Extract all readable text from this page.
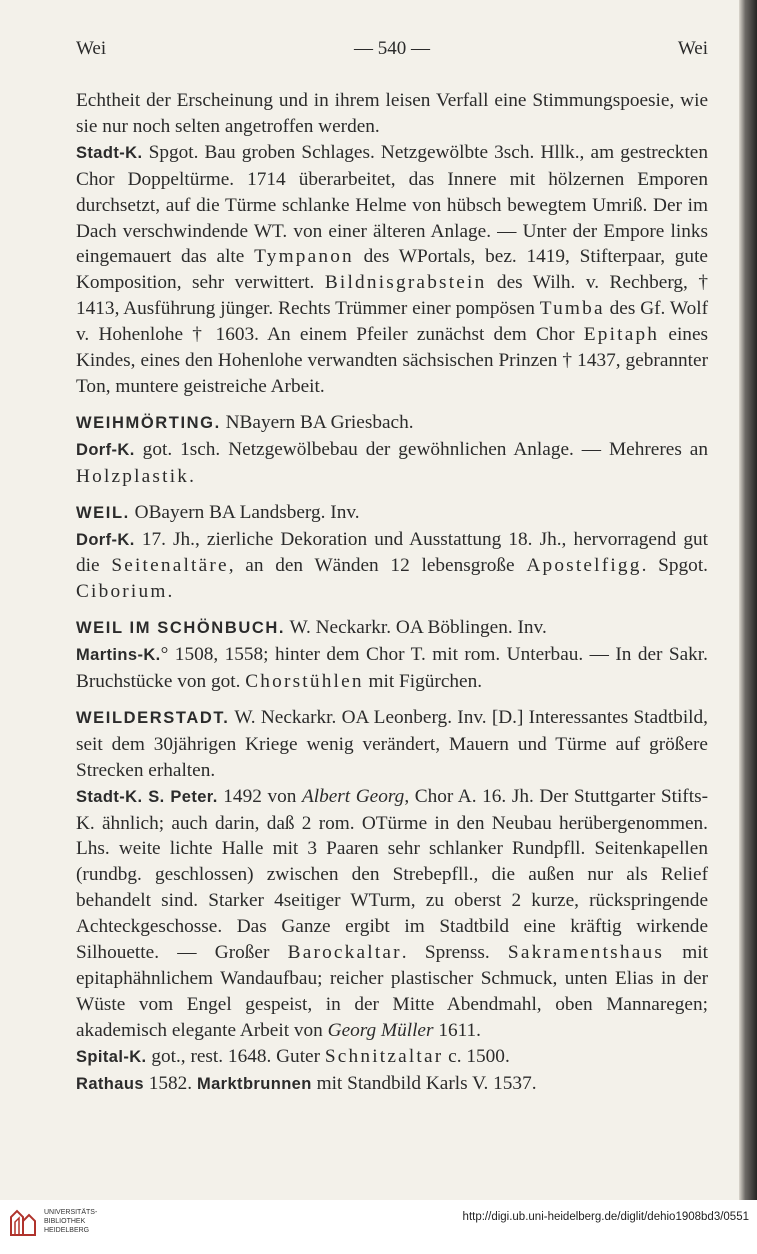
Wei	— 540 —	Wei

Echtheit der Erscheinung und in ihrem leisen Verfall eine Stimmungspoesie, wie sie nur noch selten angetroffen werden.

Stadt-K. Spgot. Bau groben Schlages. Netzgewölbte 3sch. Hllk., am gestreckten Chor Doppeltürme. 1714 überarbeitet, das Innere mit hölzernen Emporen durchsetzt, auf die Türme schlanke Helme von hübsch bewegtem Umriß. Der im Dach verschwindende WT. von einer älteren Anlage. — Unter der Empore links eingemauert das alte Tympanon des WPortals, bez. 1419, Stifterpaar, gute Komposition, sehr verwittert. Bildnisgrabstein des Wilh. v. Rechberg, † 1413, Ausführung jünger. Rechts Trümmer einer pompösen Tumba des Gf. Wolf v. Hohenlohe † 1603. An einem Pfeiler zunächst dem Chor Epitaph eines Kindes, eines den Hohenlohe verwandten sächsischen Prinzen † 1437, gebrannter Ton, muntere geistreiche Arbeit.

WEIHMÖRTING. NBayern BA Griesbach.

Dorf-K. got. 1sch. Netzgewölbebau der gewöhnlichen Anlage. — Mehreres an Holzplastik.

WEIL. OBayern BA Landsberg. Inv.

Dorf-K. 17. Jh., zierliche Dekoration und Ausstattung 18. Jh., hervorragend gut die Seitenaltäre, an den Wänden 12 lebensgroße Apostelfigg. Spgot. Ciborium.

WEIL IM SCHÖNBUCH. W. Neckarkr. OA Böblingen. Inv.

Martins-K.° 1508, 1558; hinter dem Chor T. mit rom. Unterbau. — In der Sakr. Bruchstücke von got. Chorstühlen mit Figürchen.

WEILDERSTADT. W. Neckarkr. OA Leonberg. Inv. [D.] Interessantes Stadtbild, seit dem 30jährigen Kriege wenig verändert, Mauern und Türme auf größere Strecken erhalten.

Stadt-K. S. Peter. 1492 von Albert Georg, Chor A. 16. Jh. Der Stuttgarter Stifts-K. ähnlich; auch darin, daß 2 rom. OTürme in den Neubau herübergenommen. Lhs. weite lichte Halle mit 3 Paaren sehr schlanker Rundpfll. Seitenkapellen (rundbg. geschlossen) zwischen den Strebepfll., die außen nur als Relief behandelt sind. Starker 4seitiger WTurm, zu oberst 2 kurze, rückspringende Achteckgeschosse. Das Ganze ergibt im Stadtbild eine kräftig wirkende Silhouette. — Großer Barockaltar. Sprenss. Sakramentshaus mit epitaphähnlichem Wandaufbau; reicher plastischer Schmuck, unten Elias in der Wüste vom Engel gespeist, in der Mitte Abendmahl, oben Mannaregen; akademisch elegante Arbeit von Georg Müller 1611.

Spital-K. got., rest. 1648. Guter Schnitzaltar c. 1500.

Rathaus 1582. Marktbrunnen mit Standbild Karls V. 1537.

UNIVERSITÄTS-
BIBLIOTHEK
HEIDELBERG
http://digi.ub.uni-heidelberg.de/diglit/dehio1908bd3/0551
